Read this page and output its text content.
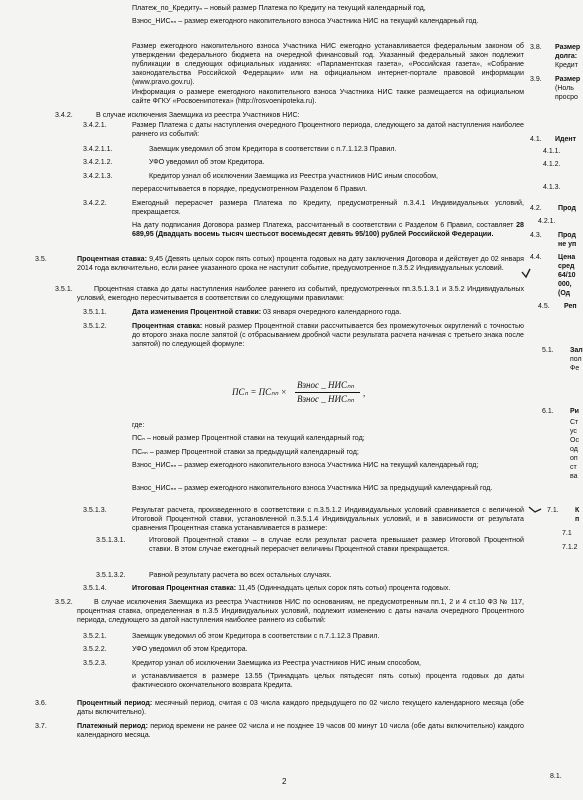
Платеж_по_Кредитуₙ – новый размер Платежа по Кредиту на текущий календарный год,
Взнос_НИСₙₙ – размер ежегодного накопительного взноса Участника НИС на текущий календарный год.
Размер ежегодного накопительного взноса Участника НИС ежегодно устанавливается федеральным законом об утверждении федерального бюджета на очередной финансовый год. Указанный федеральный закон подлежит публикации в следующих официальных изданиях: «Парламентская газета», «Российская газета», «Собрание законодательства Российской Федерации» или на официальном интернет-портале правовой информации (www.pravo.gov.ru).
Информация о размере ежегодного накопительного взноса Участника НИС также размещается на официальном сайте ФГКУ «Росвоенипотека» (http://rosvoenipoteka.ru).
3.4.2.	В случае исключения Заемщика из реестра Участников НИС:
3.4.2.1.	Размер Платежа с даты наступления очередного Процентного периода, следующего за датой наступления наиболее раннего из событий:
3.4.2.1.1.	Заемщик уведомил об этом Кредитора в соответствии с п.7.1.12.3 Правил.
3.4.2.1.2.	УФО уведомил об этом Кредитора.
3.4.2.1.3.	Кредитор узнал об исключении Заемщика из Реестра участников НИС иным способом,
перерассчитывается в порядке, предусмотренном Разделом 6 Правил.
3.4.2.2.	Ежегодный перерасчет размера Платежа по Кредиту, предусмотренный п.3.4.1 Индивидуальных условий, прекращается.
На дату подписания Договора размер Платежа, рассчитанный в соответствии с Разделом 6 Правил, составляет 28 689,95 (Двадцать восемь тысяч шестьсот восемьдесят девять 95/100) рублей Российской Федерации.
3.5.	Процентная ставка: 9,45 (Девять целых сорок пять сотых) процента годовых на дату заключения Договора и действует до 02 января 2014 года включительно, если ранее указанного срока не наступит событие, предусмотренное п.3.5.2 Индивидуальных условий.
3.5.1.	Процентная ставка до даты наступления наиболее раннего из событий, предусмотренных пп.3.5.1.3.1 и 3.5.2 Индивидуальных условий, ежегодно пересчитывается в соответствии со следующими правилами:
3.5.1.1.	Дата изменения Процентной ставки: 03 января очередного календарного года.
3.5.1.2.	Процентная ставка: новый размер Процентной ставки рассчитывается без промежуточных округлений с точностью до второго знака после запятой (с отбрасыванием дробной части результата расчета начиная с третьего знака после запятой) по следующей формуле:
ПСₙ = ПСₙₙ ×
Взнос _ НИСₙₙ
Взнос _ НИСₙₙ
,
где:
ПСₙ – новый размер Процентной ставки на текущий календарный год;
ПСₙₙ – размер Процентной ставки за предыдущий календарный год;
Взнос_НИСₙₙ – размер ежегодного накопительного взноса Участника НИС на текущий календарный год;
Взнос_НИСₙₙ – размер ежегодного накопительного взноса Участника НИС за предыдущий календарный год.
3.5.1.3.	Результат расчета, произведенного в соответствии с п.3.5.1.2 Индивидуальных условий сравнивается с величиной Итоговой Процентной ставки, установленной п.3.5.1.4 Индивидуальных условий, и в зависимости от результата сравнения Процентная ставка устанавливается в размере:
3.5.1.3.1.	Итоговой Процентной ставки – в случае если результат расчета превышает размер Итоговой Процентной ставки. В этом случае ежегодный перерасчет величины Процентной ставки прекращается.
3.5.1.3.2.	Равной результату расчета во всех остальных случаях.
3.5.1.4.	Итоговая Процентная ставка: 11,45 (Одиннадцать целых сорок пять сотых) процента годовых.
3.5.2.	В случае исключения Заемщика из реестра Участников НИС по основаниям, не предусмотренным пп.1, 2 и 4 ст.10 ФЗ № 117, процентная ставка, определенная в п.3.5 Индивидуальных условий, подлежит изменению с даты начала очередного Процентного периода, следующего за датой наступления наиболее раннего из событий:
3.5.2.1.	Заемщик уведомил об этом Кредитора в соответствии с п.7.1.12.3 Правил.
3.5.2.2.	УФО уведомил об этом Кредитора.
3.5.2.3.	Кредитор узнал об исключении Заемщика из Реестра участников НИС иным способом,
и устанавливается в размере 13.55 (Тринадцать целых пятьдесят пять сотых) процента годовых до даты фактического окончательного возврата Кредита.
3.6.	Процентный период: месячный период, считая с 03 числа каждого предыдущего по 02 число текущего календарного месяца (обе даты включительно).
3.7.	Платежный период: период времени не ранее 02 числа и не позднее 19 часов 00 минут 10 числа (обе даты включительно) каждого календарного месяца.
2
3.8. Размер
долга:
Кредит
3.9. Размер
(Ноль
просро
4.1. Идент
4.1.1.
4.1.2.
4.1.3.
4.2. Прод
4.2.1.
4.3. Прод
не уп
4.4. Цена
сред
64/10
000,
(Од
4.5. Реп
5.1. Зал
пол
Фе
6.1. Ри
Ст
ус
Ос
од
оп
ст
ва
7.1. К
п
7.1
7.1.2
8.1.
